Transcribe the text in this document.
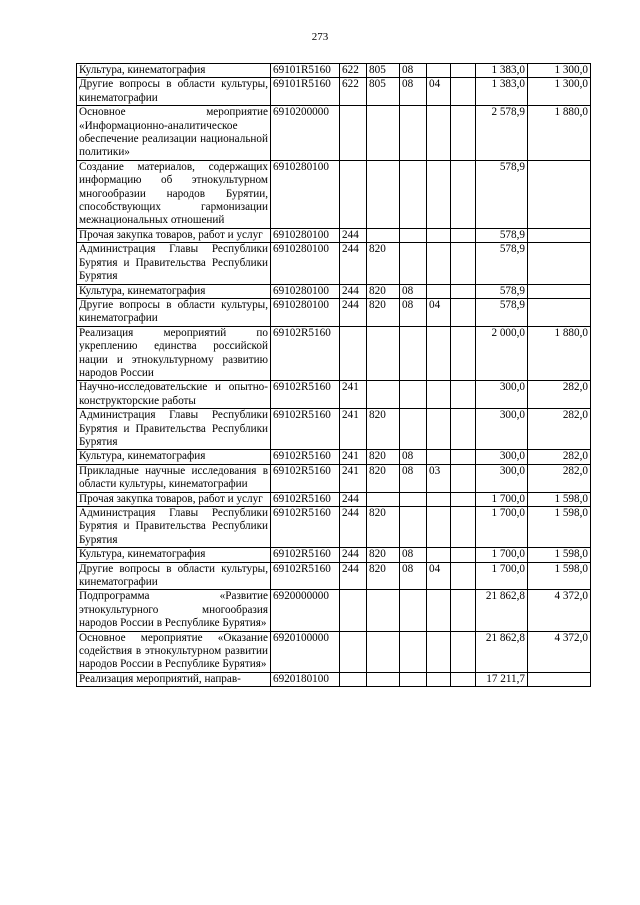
273
Культура, кинематография	69101R5160	622	805	08			1 383,0	1 300,0
Другие вопросы в области культуры, кинематографии	69101R5160	622	805	08	04		1 383,0	1 300,0
Основное мероприятие «Информационно-аналитическое обеспечение реализации национальной политики»	6910200000						2 578,9	1 880,0
Создание материалов, содержащих информацию об этнокультурном многообразии народов Бурятии, способствующих гармонизации межнациональных отношений	6910280100						578,9	
Прочая закупка товаров, работ и услуг	6910280100	244					578,9	
Администрация Главы Республики Бурятия и Правительства Республики Бурятия	6910280100	244	820				578,9	
Культура, кинематография	6910280100	244	820	08			578,9	
Другие вопросы в области культуры, кинематографии	6910280100	244	820	08	04		578,9	
Реализация мероприятий по укреплению единства российской нации и этнокультурному развитию народов России	69102R5160						2 000,0	1 880,0
Научно-исследовательские и опытно-конструкторские работы	69102R5160	241					300,0	282,0
Администрация Главы Республики Бурятия и Правительства Республики Бурятия	69102R5160	241	820				300,0	282,0
Культура, кинематография	69102R5160	241	820	08			300,0	282,0
Прикладные научные исследования в области культуры, кинематографии	69102R5160	241	820	08	03		300,0	282,0
Прочая закупка товаров, работ и услуг	69102R5160	244					1 700,0	1 598,0
Администрация Главы Республики Бурятия и Правительства Республики Бурятия	69102R5160	244	820				1 700,0	1 598,0
Культура, кинематография	69102R5160	244	820	08			1 700,0	1 598,0
Другие вопросы в области культуры, кинематографии	69102R5160	244	820	08	04		1 700,0	1 598,0
Подпрограмма «Развитие этнокультурного многообразия народов России в Республике Бурятия»	6920000000						21 862,8	4 372,0
Основное мероприятие «Оказание содействия в этнокультурном развитии народов России в Республике Бурятия»	6920100000						21 862,8	4 372,0
Реализация мероприятий, направ-	6920180100						17 211,7	
